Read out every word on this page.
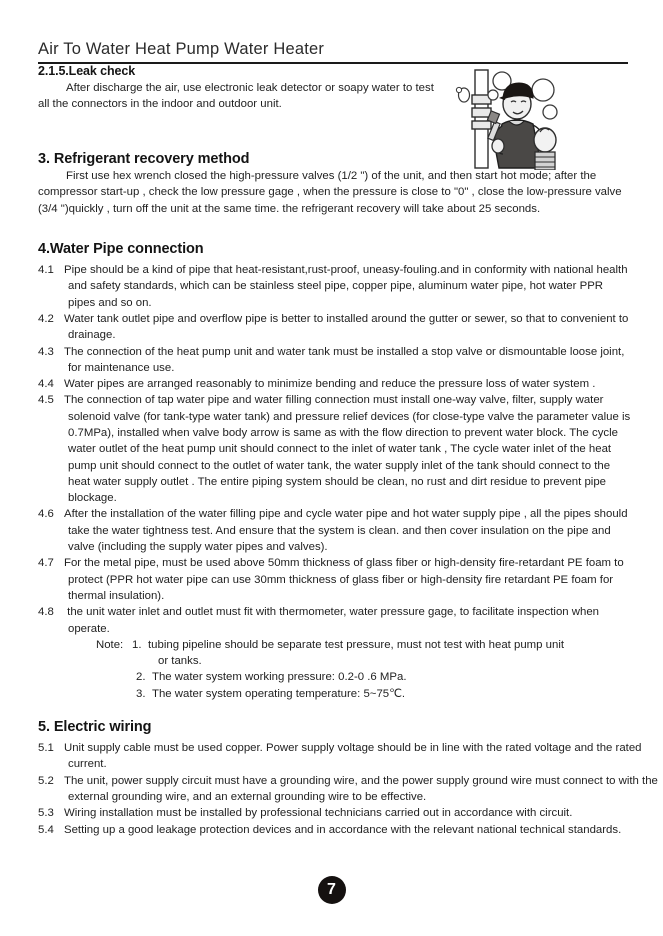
Air To Water Heat Pump Water Heater
2.1.5.Leak check

After discharge the air, use electronic leak detector or soapy water to test all the connectors in the indoor and outdoor unit.

3. Refrigerant recovery method

First use hex wrench closed the high-pressure valves (1/2 ") of the unit, and then start hot mode; after the compressor start-up , check the low pressure gage , when the pressure is close to "0" , close the low-pressure valve (3/4 ")quickly , turn off the unit at the same time. the refrigerant recovery will take about 25 seconds.

4.Water Pipe connection
4.1 Pipe should be a kind of pipe that heat-resistant,rust-proof, uneasy-fouling.and in conformity with national health and safety standards, which can be stainless steel pipe, copper pipe, aluminum water pipe, hot water PPR pipes and so on.
4.2 Water tank outlet pipe and overflow pipe is better to installed around the gutter or sewer, so that to convenient to drainage.
4.3 The connection of the heat pump unit and water tank must be installed a stop valve or dismountable loose joint, for maintenance use.
4.4 Water pipes are arranged reasonably to minimize bending and reduce the pressure loss of water system .
4.5 The connection of tap water pipe and water filling connection must install one-way valve, filter, supply water solenoid valve (for tank-type water tank) and pressure relief devices (for close-type valve the parameter value is 0.7MPa), installed when valve body arrow is same as with the flow direction to prevent water block. The cycle water outlet of the heat pump unit should connect to the inlet of water tank , The cycle water inlet of the heat pump unit should connect to the outlet of water tank, the water supply inlet of the tank should connect to the heat water supply outlet . The entire piping system should be clean, no rust and dirt residue to prevent pipe blockage.
4.6 After the installation of the water filling pipe and cycle water pipe and hot water supply pipe , all the pipes should take the water tightness test. And ensure that the system is clean. and then cover insulation on the pipe and valve (including the supply water pipes and valves).
4.7 For the metal pipe, must be used above 50mm thickness of glass fiber or high-density fire-retardant PE foam to protect (PPR hot water pipe can use 30mm thickness of glass fiber or high-density fire retardant PE foam for thermal insulation).
4.8 the unit water inlet and outlet must fit with thermometer, water pressure gage, to facilitate inspection when operate.
Note: 1. tubing pipeline should be separate test pressure, must not test with heat pump unit
or tanks.
2. The water system working pressure: 0.2-0 .6 MPa.
3. The water system operating temperature: 5~75℃.
5. Electric wiring
5.1 Unit supply cable must be used copper. Power supply voltage should be in line with the rated voltage and the rated current.
5.2 The unit, power supply circuit must have a grounding wire, and the power supply ground wire must connect to with the external grounding wire, and an external grounding wire to be effective.
5.3 Wiring installation must be installed by professional technicians carried out in accordance with circuit.
5.4 Setting up a good leakage protection devices and in accordance with the relevant national technical standards.
7
